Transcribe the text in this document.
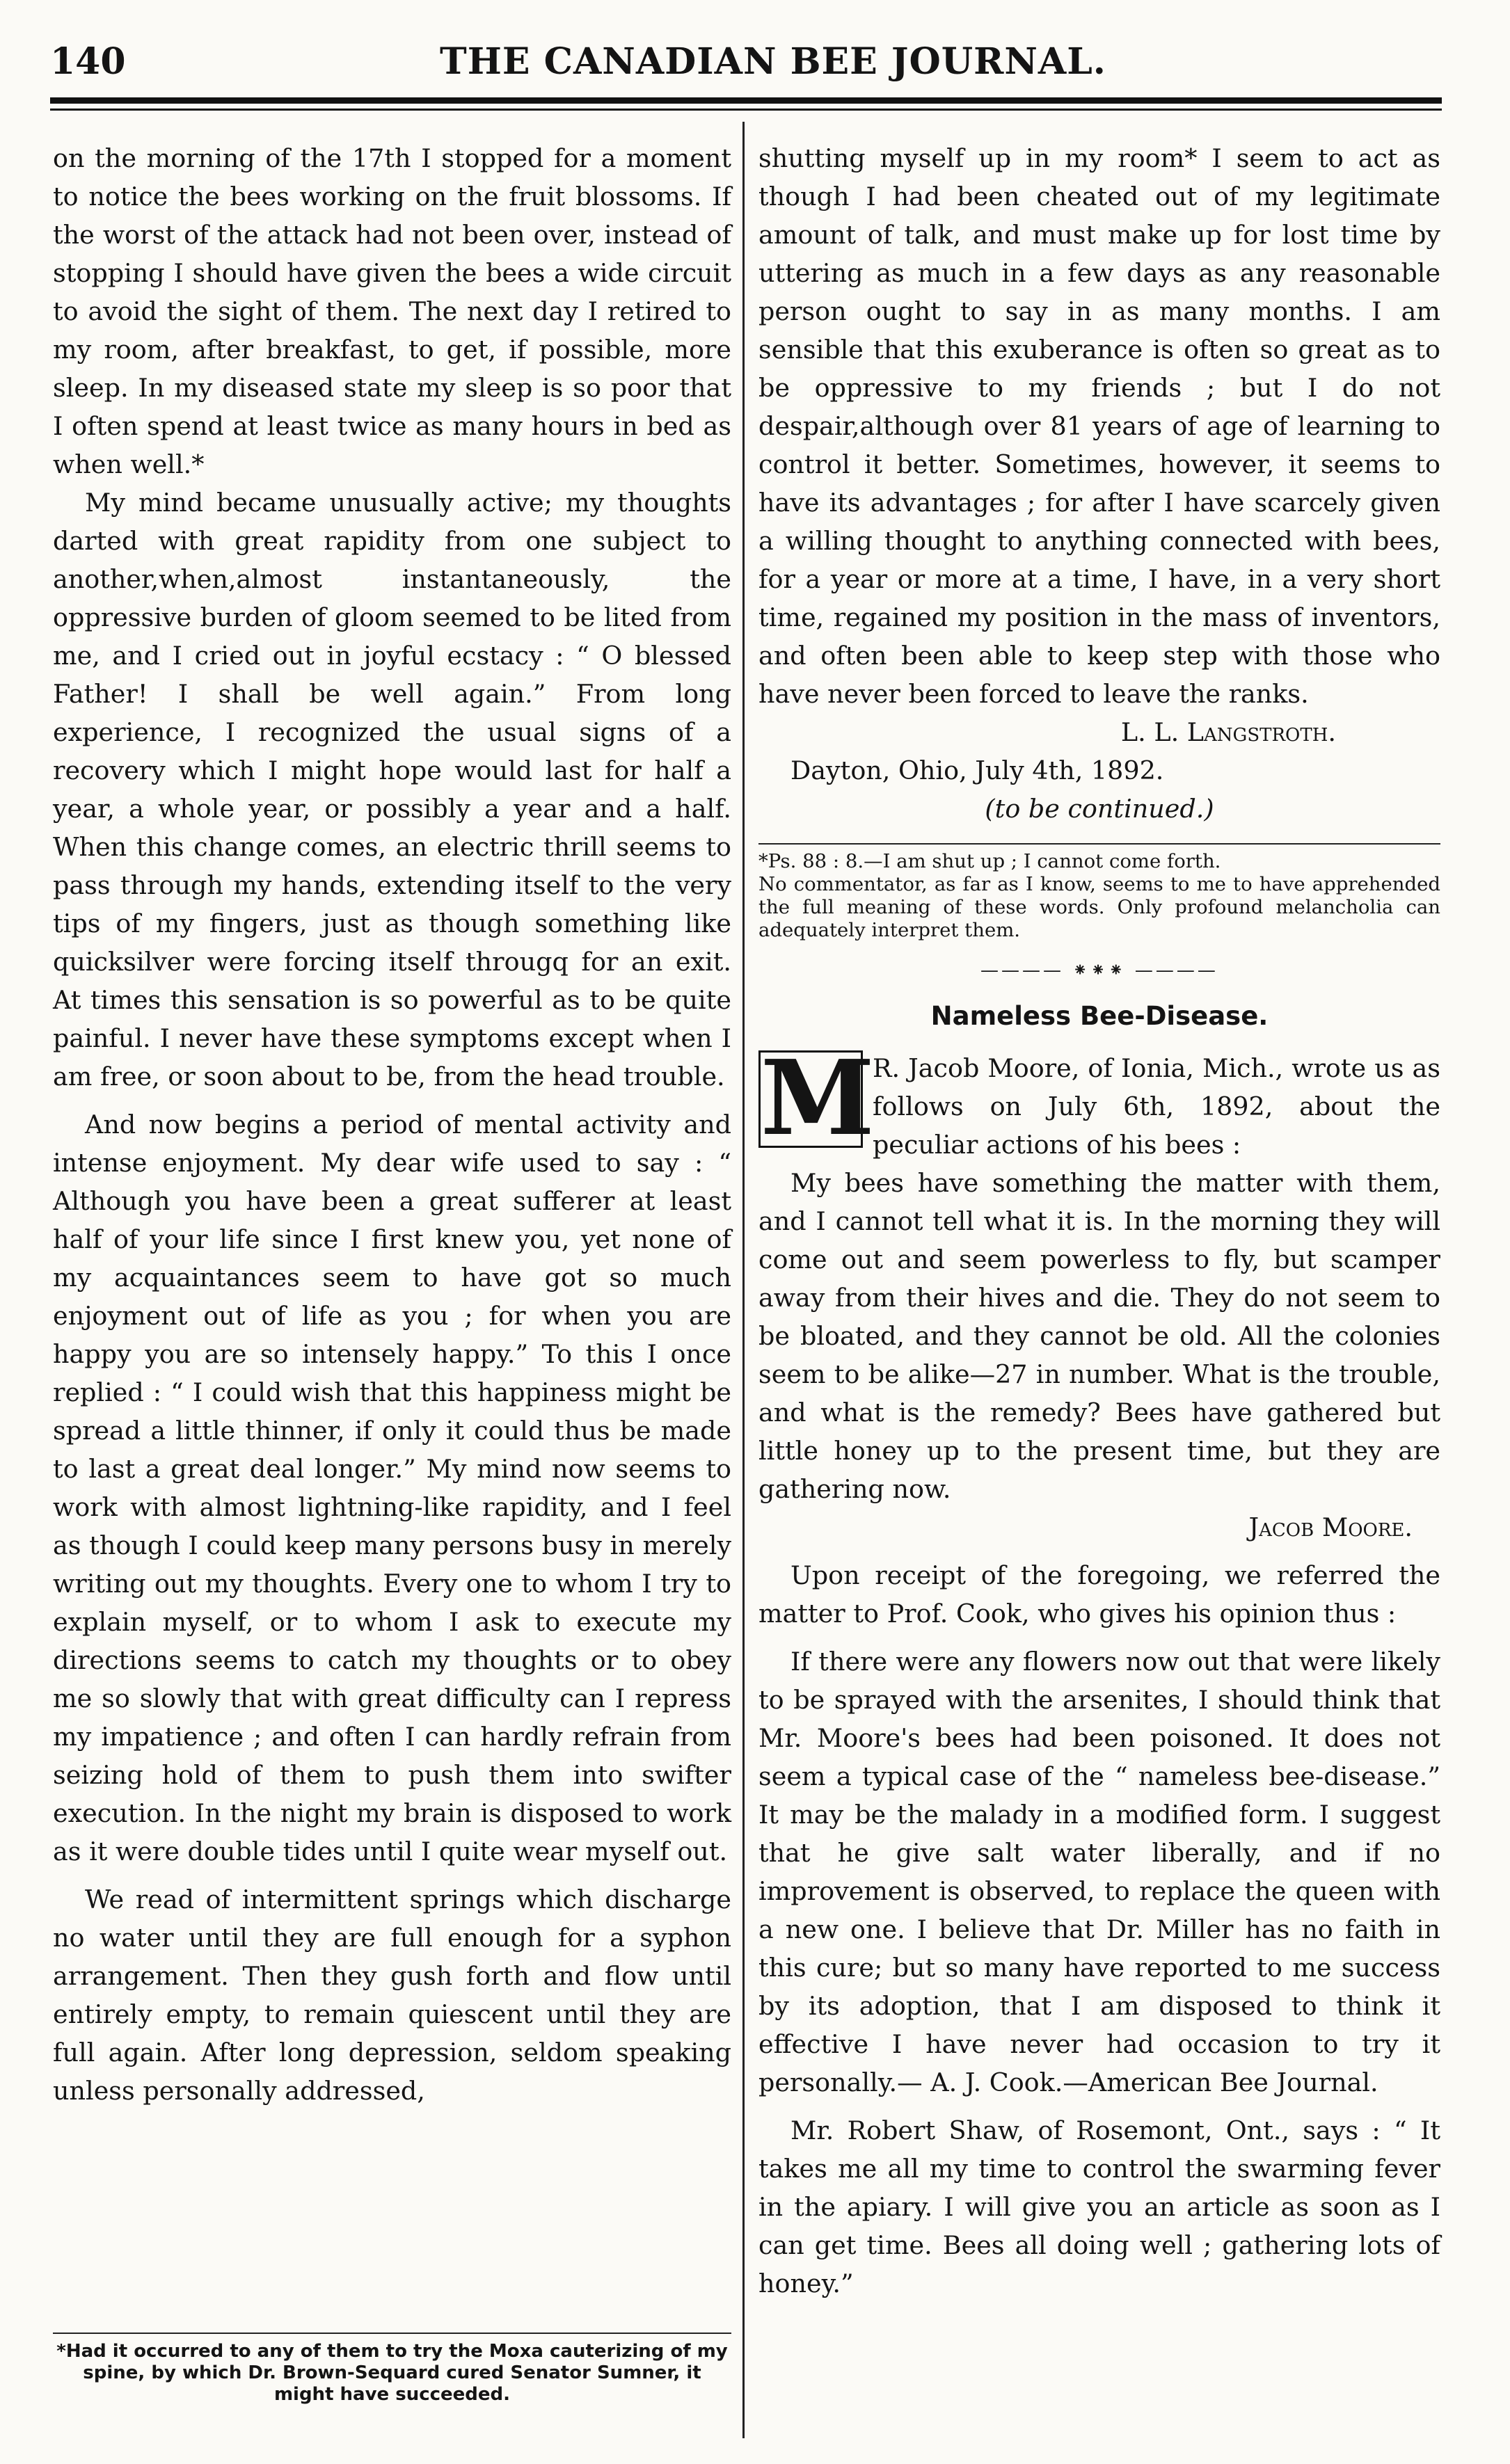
140	THE CANADIAN BEE JOURNAL.

on the morning of the 17th I stopped for a moment to notice the bees working on the fruit blossoms. If the worst of the attack had not been over, instead of stopping I should have given the bees a wide circuit to avoid the sight of them. The next day I retired to my room, after breakfast, to get, if possible, more sleep. In my diseased state my sleep is so poor that I often spend at least twice as many hours in bed as when well.*

My mind became unusually active; my thoughts darted with great rapidity from one subject to another,when,almost instantaneously, the oppressive burden of gloom seemed to be lited from me, and I cried out in joyful ecstacy : “ O blessed Father! I shall be well again.” From long experience, I recognized the usual signs of a recovery which I might hope would last for half a year, a whole year, or possibly a year and a half. When this change comes, an electric thrill seems to pass through my hands, extending itself to the very tips of my fingers, just as though something like quicksilver were forcing itself througq for an exit. At times this sensation is so powerful as to be quite painful. I never have these symptoms except when I am free, or soon about to be, from the head trouble.

And now begins a period of mental activity and intense enjoyment. My dear wife used to say : “ Although you have been a great sufferer at least half of your life since I first knew you, yet none of my acquaintances seem to have got so much enjoyment out of life as you ; for when you are happy you are so intensely happy.” To this I once replied : “ I could wish that this happiness might be spread a little thinner, if only it could thus be made to last a great deal longer.” My mind now seems to work with almost lightning-like rapidity, and I feel as though I could keep many persons busy in merely writing out my thoughts. Every one to whom I try to explain myself, or to whom I ask to execute my directions seems to catch my thoughts or to obey me so slowly that with great difficulty can I repress my impatience ; and often I can hardly refrain from seizing hold of them to push them into swifter execution. In the night my brain is disposed to work as it were double tides until I quite wear myself out.

We read of intermittent springs which discharge no water until they are full enough for a syphon arrangement. Then they gush forth and flow until entirely empty, to remain quiescent until they are full again. After long depression, seldom speaking unless personally addressed,

*Had it occurred to any of them to try the Moxa cauterizing of my spine, by which Dr. Brown-Sequard cured Senator Sumner, it might have succeeded.

shutting myself up in my room* I seem to act as though I had been cheated out of my legitimate amount of talk, and must make up for lost time by uttering as much in a few days as any reasonable person ought to say in as many months. I am sensible that this exuberance is often so great as to be oppressive to my friends ; but I do not despair,although over 81 years of age of learning to control it better. Sometimes, however, it seems to have its advantages ; for after I have scarcely given a willing thought to anything connected with bees, for a year or more at a time, I have, in a very short time, regained my position in the mass of inventors, and often been able to keep step with those who have never been forced to leave the ranks.

L. L. Langstroth.

Dayton, Ohio, July 4th, 1892.

(to be continued.)

*Ps. 88 : 8.—I am shut up ; I cannot come forth.

No commentator, as far as I know, seems to me to have apprehended the full meaning of these words. Only profound melancholia can adequately interpret them.

———— ⁕⁕⁕ ————
Nameless Bee-Disease.
M

R. Jacob Moore, of Ionia, Mich., wrote us as follows on July 6th, 1892, about the peculiar actions of his bees :

My bees have something the matter with them, and I cannot tell what it is. In the morning they will come out and seem powerless to fly, but scamper away from their hives and die. They do not seem to be bloated, and they cannot be old. All the colonies seem to be alike—27 in number. What is the trouble, and what is the remedy? Bees have gathered but little honey up to the present time, but they are gathering now.

Jacob Moore.

Upon receipt of the foregoing, we referred the matter to Prof. Cook, who gives his opinion thus :

If there were any flowers now out that were likely to be sprayed with the arsenites, I should think that Mr. Moore's bees had been poisoned. It does not seem a typical case of the “ nameless bee-disease.” It may be the malady in a modified form. I suggest that he give salt water liberally, and if no improvement is observed, to replace the queen with a new one. I believe that Dr. Miller has no faith in this cure; but so many have reported to me success by its adoption, that I am disposed to think it effective I have never had occasion to try it personally.— A. J. Cook.—American Bee Journal.

Mr. Robert Shaw, of Rosemont, Ont., says : “ It takes me all my time to control the swarming fever in the apiary. I will give you an article as soon as I can get time. Bees all doing well ; gathering lots of honey.”
